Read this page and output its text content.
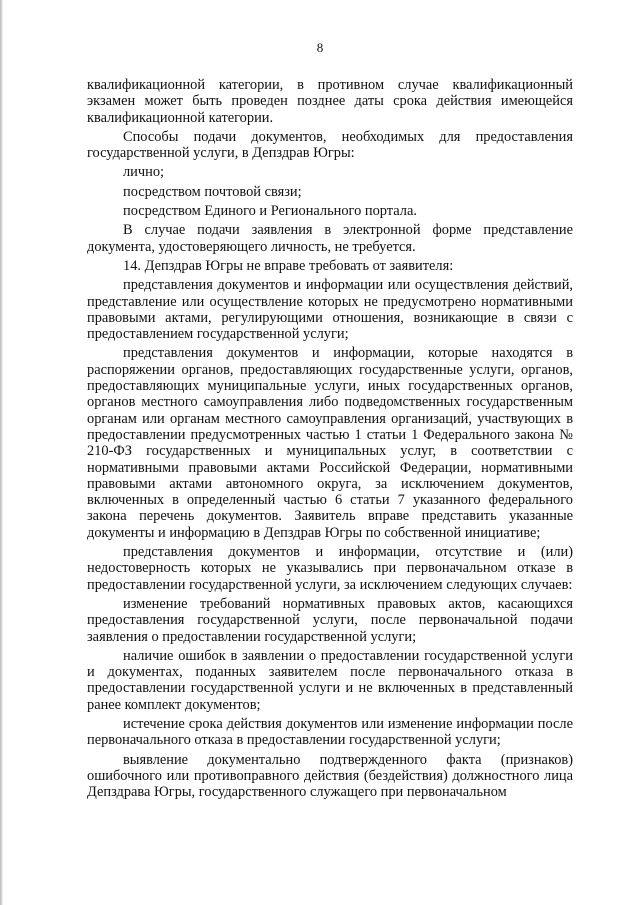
8

квалификационной категории, в противном случае квалификационный экзамен может быть проведен позднее даты срока действия имеющейся квалификационной категории.

Способы подачи документов, необходимых для предоставления государственной услуги, в Депздрав Югры:

лично;

посредством почтовой связи;

посредством Единого и Регионального портала.

В случае подачи заявления в электронной форме представление документа, удостоверяющего личность, не требуется.

14. Депздрав Югры не вправе требовать от заявителя:

представления документов и информации или осуществления действий, представление или осуществление которых не предусмотрено нормативными правовыми актами, регулирующими отношения, возникающие в связи с предоставлением государственной услуги;

представления документов и информации, которые находятся в распоряжении органов, предоставляющих государственные услуги, органов, предоставляющих муниципальные услуги, иных государственных органов, органов местного самоуправления либо подведомственных государственным органам или органам местного самоуправления организаций, участвующих в предоставлении предусмотренных частью 1 статьи 1 Федерального закона № 210-ФЗ государственных и муниципальных услуг, в соответствии с нормативными правовыми актами Российской Федерации, нормативными правовыми актами автономного округа, за исключением документов, включенных в определенный частью 6 статьи 7 указанного федерального закона перечень документов. Заявитель вправе представить указанные документы и информацию в Депздрав Югры по собственной инициативе;

представления документов и информации, отсутствие и (или) недостоверность которых не указывались при первоначальном отказе в предоставлении государственной услуги, за исключением следующих случаев:

изменение требований нормативных правовых актов, касающихся предоставления государственной услуги, после первоначальной подачи заявления о предоставлении государственной услуги;

наличие ошибок в заявлении о предоставлении государственной услуги и документах, поданных заявителем после первоначального отказа в предоставлении государственной услуги и не включенных в представленный ранее комплект документов;

истечение срока действия документов или изменение информации после первоначального отказа в предоставлении государственной услуги;

выявление документально подтвержденного факта (признаков) ошибочного или противоправного действия (бездействия) должностного лица Депздрава Югры, государственного служащего при первоначальном
